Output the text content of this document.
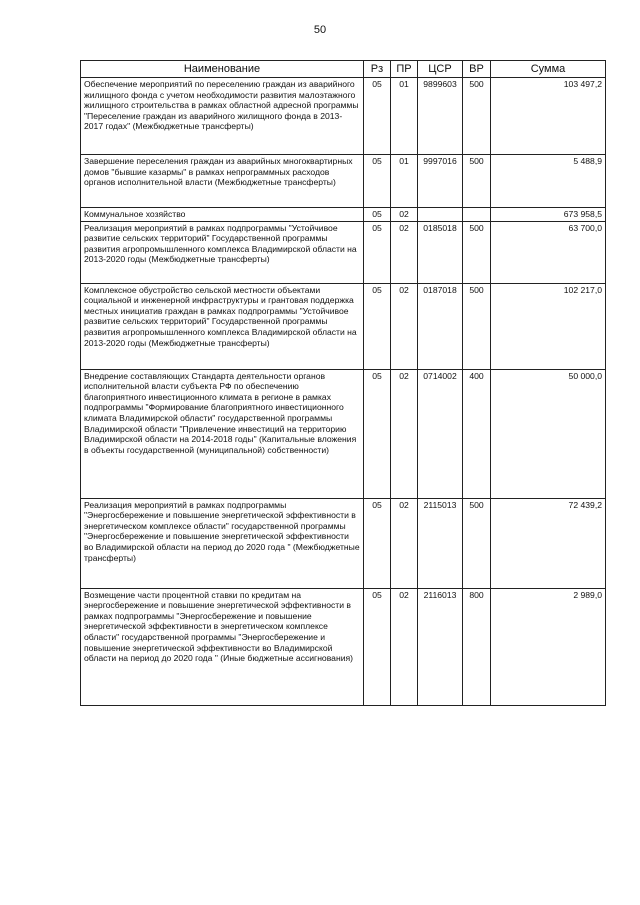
50
Наименование	Рз	ПР	ЦСР	ВР	Сумма
Обеспечение мероприятий по переселению граждан из аварийного жилищного фонда с учетом необходимости развития малоэтажного жилищного строительства в рамках областной адресной программы "Переселение граждан из аварийного жилищного фонда в 2013-2017 годах" (Межбюджетные трансферты)	05	01	9899603	500	103 497,2
Завершение переселения граждан из аварийных многоквартирных домов "бывшие казармы" в рамках непрограммных расходов органов исполнительной власти (Межбюджетные трансферты)	05	01	9997016	500	5 488,9
Коммунальное хозяйство	05	02			673 958,5
Реализация мероприятий в рамках подпрограммы "Устойчивое развитие сельских территорий" Государственной программы развития агропромышленного комплекса Владимирской области на 2013-2020 годы (Межбюджетные трансферты)	05	02	0185018	500	63 700,0
Комплексное обустройство сельской местности объектами социальной и инженерной инфраструктуры и грантовая поддержка местных инициатив граждан в рамках подпрограммы "Устойчивое развитие сельских территорий" Государственной программы развития агропромышленного комплекса Владимирской области на 2013-2020 годы (Межбюджетные трансферты)	05	02	0187018	500	102 217,0
Внедрение составляющих Стандарта деятельности органов исполнительной власти субъекта РФ по обеспечению благоприятного инвестиционного климата в регионе в рамках подпрограммы "Формирование благоприятного инвестиционного климата Владимирской области" государственной программы Владимирской области "Привлечение инвестиций на территорию Владимирской области на 2014-2018 годы" (Капитальные вложения в объекты государственной (муниципальной) собственности)	05	02	0714002	400	50 000,0
Реализация мероприятий в рамках подпрограммы "Энергосбережение и повышение энергетической эффективности в энергетическом комплексе области" государственной программы "Энергосбережение и повышение энергетической эффективности во Владимирской области на период до 2020 года " (Межбюджетные трансферты)	05	02	2115013	500	72 439,2
Возмещение части процентной ставки по кредитам на энергосбережение и повышение энергетической эффективности в рамках подпрограммы "Энергосбережение и повышение энергетической эффективности в энергетическом комплексе области" государственной программы "Энергосбережение и повышение энергетической эффективности во Владимирской области на период до 2020 года " (Иные бюджетные ассигнования)	05	02	2116013	800	2 989,0
